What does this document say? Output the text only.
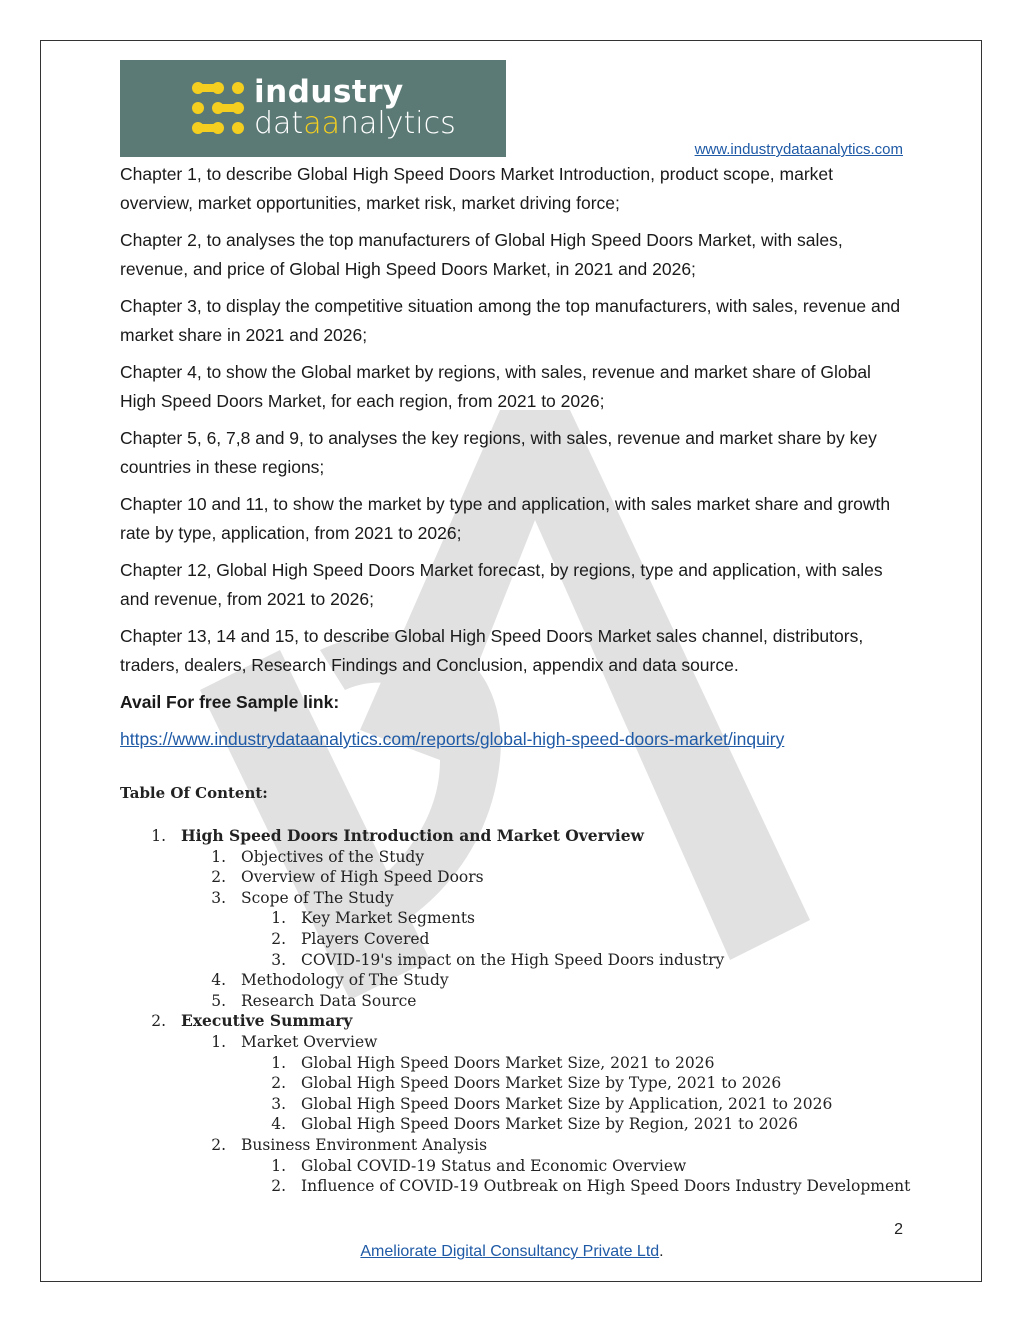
industry
dataanalytics
www.industrydataanalytics.com

Chapter 1, to describe Global High Speed Doors Market Introduction, product scope, market overview, market opportunities, market risk, market driving force;

Chapter 2, to analyses the top manufacturers of Global High Speed Doors Market, with sales, revenue, and price of Global High Speed Doors Market, in 2021 and 2026;

Chapter 3, to display the competitive situation among the top manufacturers, with sales, revenue and market share in 2021 and 2026;

Chapter 4, to show the Global market by regions, with sales, revenue and market share of Global High Speed Doors Market, for each region, from 2021 to 2026;

Chapter 5, 6, 7,8 and 9, to analyses the key regions, with sales, revenue and market share by key countries in these regions;

Chapter 10 and 11, to show the market by type and application, with sales market share and growth rate by type, application, from 2021 to 2026;

Chapter 12, Global High Speed Doors Market forecast, by regions, type and application, with sales and revenue, from 2021 to 2026;

Chapter 13, 14 and 15, to describe Global High Speed Doors Market sales channel, distributors, traders, dealers, Research Findings and Conclusion, appendix and data source.

Avail For free Sample link:

https://www.industrydataanalytics.com/reports/global-high-speed-doors-market/inquiry

Table Of Content:
1. High Speed Doors Introduction and Market Overview
1. Objectives of the Study
2. Overview of High Speed Doors
3. Scope of The Study
1. Key Market Segments
2. Players Covered
3. COVID-19's impact on the High Speed Doors industry
4. Methodology of The Study
5. Research Data Source
2. Executive Summary
1. Market Overview
1. Global High Speed Doors Market Size, 2021 to 2026
2. Global High Speed Doors Market Size by Type, 2021 to 2026
3. Global High Speed Doors Market Size by Application, 2021 to 2026
4. Global High Speed Doors Market Size by Region, 2021 to 2026
2. Business Environment Analysis
1. Global COVID-19 Status and Economic Overview
2. Influence of COVID-19 Outbreak on High Speed Doors Industry Development
2
Ameliorate Digital Consultancy Private Ltd.
